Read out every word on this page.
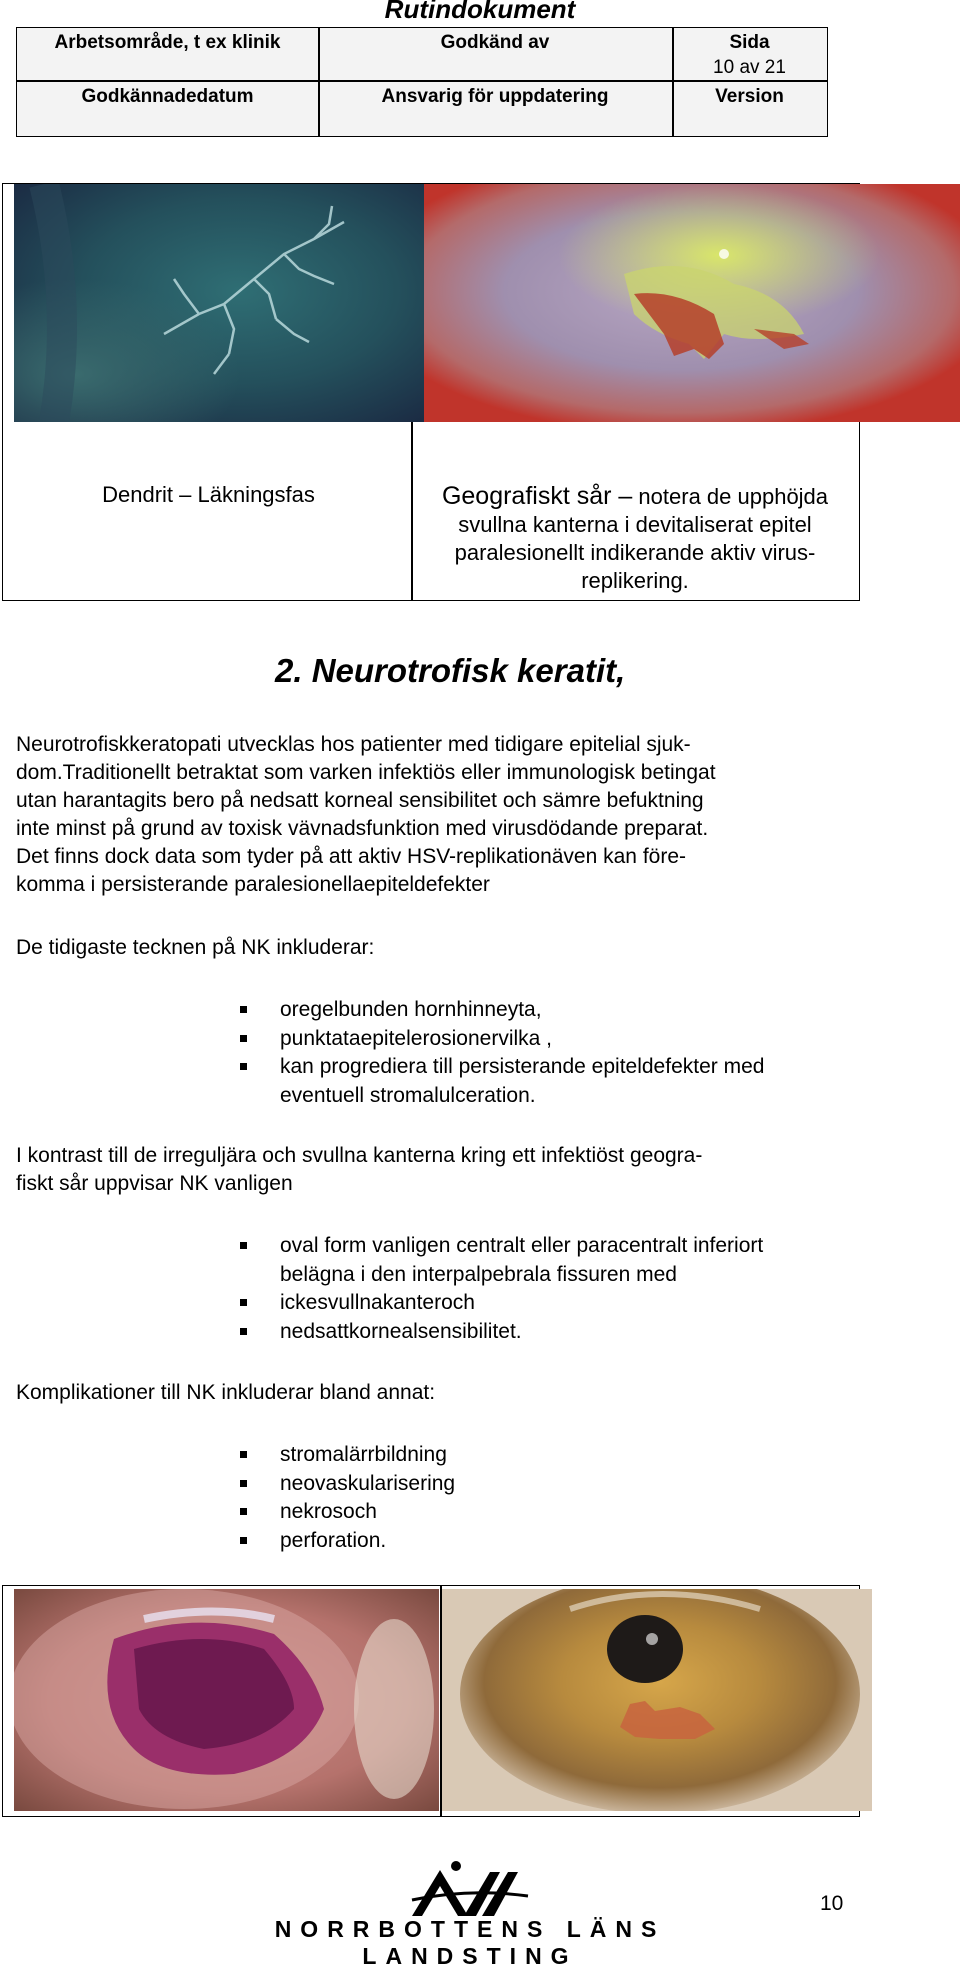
Rutindokument
Arbetsområde, t ex klinik	Godkänd av	Sida
10 av 21
Godkännadedatum	Ansvarig för uppdatering	Version
Dendrit – Läkningsfas	Geografiskt sår – notera de upphöjda
svullna kanterna i devitaliserat epitel
paralesionellt indikerande aktiv virus-
replikering.
2. Neurotrofisk keratit,
Neurotrofiskkeratopati utvecklas hos patienter med tidigare epitelial sjuk-
dom.Traditionellt betraktat som varken infektiös eller immunologisk betingat
utan harantagits bero på nedsatt korneal sensibilitet och sämre befuktning
inte minst på grund av toxisk vävnadsfunktion med virusdödande preparat.
Det finns dock data som tyder på att aktiv HSV-replikationäven kan före-
komma i persisterande paralesionellaepiteldefekter
De tidigaste tecknen på NK inkluderar:
oregelbunden hornhinneyta,
punktataepitelerosionervilka ,
kan progrediera till persisterande epiteldefekter med
eventuell stromalulceration.
I kontrast till de irreguljära och svullna kanterna kring ett infektiöst geogra-
fiskt sår uppvisar NK vanligen
oval form vanligen centralt eller paracentralt inferiort
belägna i den interpalpebrala fissuren med
ickesvullnakanteroch
nedsattkornealsensibilitet.
Komplikationer till NK inkluderar bland annat:
stromalärrbildning
neovaskularisering
nekrosoch
perforation.
NORRBOTTENS LÄNS LANDSTING
10
